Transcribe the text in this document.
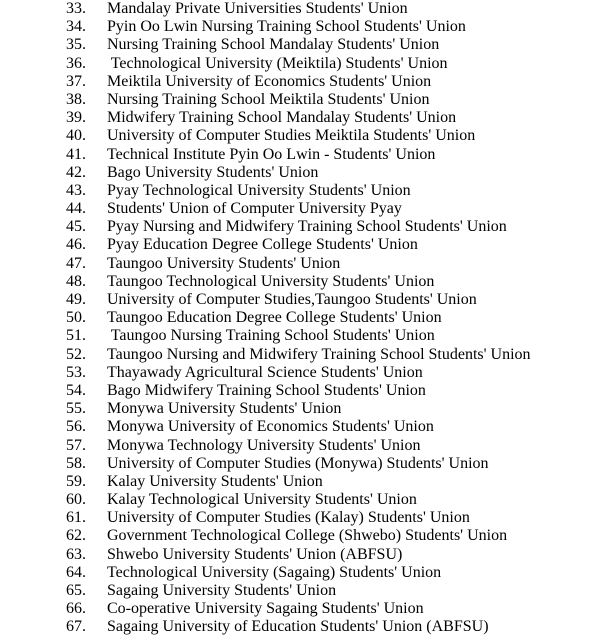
33.	Mandalay Private Universities Students' Union
34.	Pyin Oo Lwin Nursing Training School Students' Union
35.	Nursing Training School Mandalay Students' Union
36.	Technological University (Meiktila) Students' Union
37.	Meiktila University of Economics Students' Union
38.	Nursing Training School Meiktila Students' Union
39.	Midwifery Training School Mandalay Students' Union
40.	University of Computer Studies Meiktila Students' Union
41.	Technical Institute Pyin Oo Lwin - Students' Union
42.	Bago University Students' Union
43.	Pyay Technological University Students' Union
44.	Students' Union of Computer University Pyay
45.	Pyay Nursing and Midwifery Training School Students' Union
46.	Pyay Education Degree College Students' Union
47.	Taungoo University Students' Union
48.	Taungoo Technological University Students' Union
49.	University of Computer Studies,Taungoo Students' Union
50.	Taungoo Education Degree College Students' Union
51.	Taungoo Nursing Training School Students' Union
52.	Taungoo Nursing and Midwifery Training School Students' Union
53.	Thayawady Agricultural Science Students' Union
54.	Bago Midwifery Training School Students' Union
55.	Monywa University Students' Union
56.	Monywa University of Economics Students' Union
57.	Monywa Technology University Students' Union
58.	University of Computer Studies (Monywa) Students' Union
59.	Kalay University Students' Union
60.	Kalay Technological University Students' Union
61.	University of Computer Studies (Kalay) Students' Union
62.	Government Technological College (Shwebo) Students' Union
63.	Shwebo University Students' Union (ABFSU)
64.	Technological University (Sagaing) Students' Union
65.	Sagaing University Students' Union
66.	Co-operative University Sagaing Students' Union
67.	Sagaing University of Education Students' Union (ABFSU)
